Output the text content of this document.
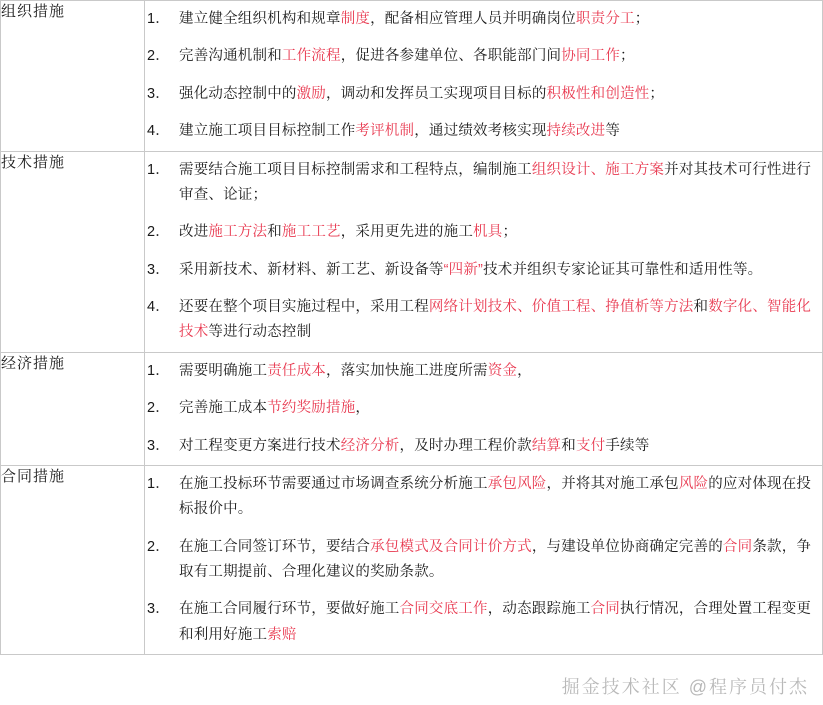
组织措施	建立健全组织机构和规章制度，配备相应管理人员并明确岗位职责分工；
完善沟通机制和工作流程，促进各参建单位、各职能部门间协同工作；
强化动态控制中的激励，调动和发挥员工实现项目目标的积极性和创造性；
建立施工项目目标控制工作考评机制，通过绩效考核实现持续改进等

技术措施	需要结合施工项目目标控制需求和工程特点，编制施工组织设计、施工方案并对其技术可行性进行审查、论证；
改进施工方法和施工工艺，采用更先进的施工机具；
采用新技术、新材料、新工艺、新设备等“四新”技术并组织专家论证其可靠性和适用性等。
还要在整个项目实施过程中，采用工程网络计划技术、价值工程、挣值析等方法和数字化、智能化技术等进行动态控制

经济措施	需要明确施工责任成本，落实加快施工进度所需资金，
完善施工成本节约奖励措施，
对工程变更方案进行技术经济分析，及时办理工程价款结算和支付手续等

合同措施	在施工投标环节需要通过市场调查系统分析施工承包风险，并将其对施工承包风险的应对体现在投标报价中。
在施工合同签订环节，要结合承包模式及合同计价方式，与建设单位协商确定完善的合同条款，争取有工期提前、合理化建议的奖励条款。
在施工合同履行环节，要做好施工合同交底工作，动态跟踪施工合同执行情况，合理处置工程变更和利用好施工索赔
掘金技术社区 @程序员付杰
